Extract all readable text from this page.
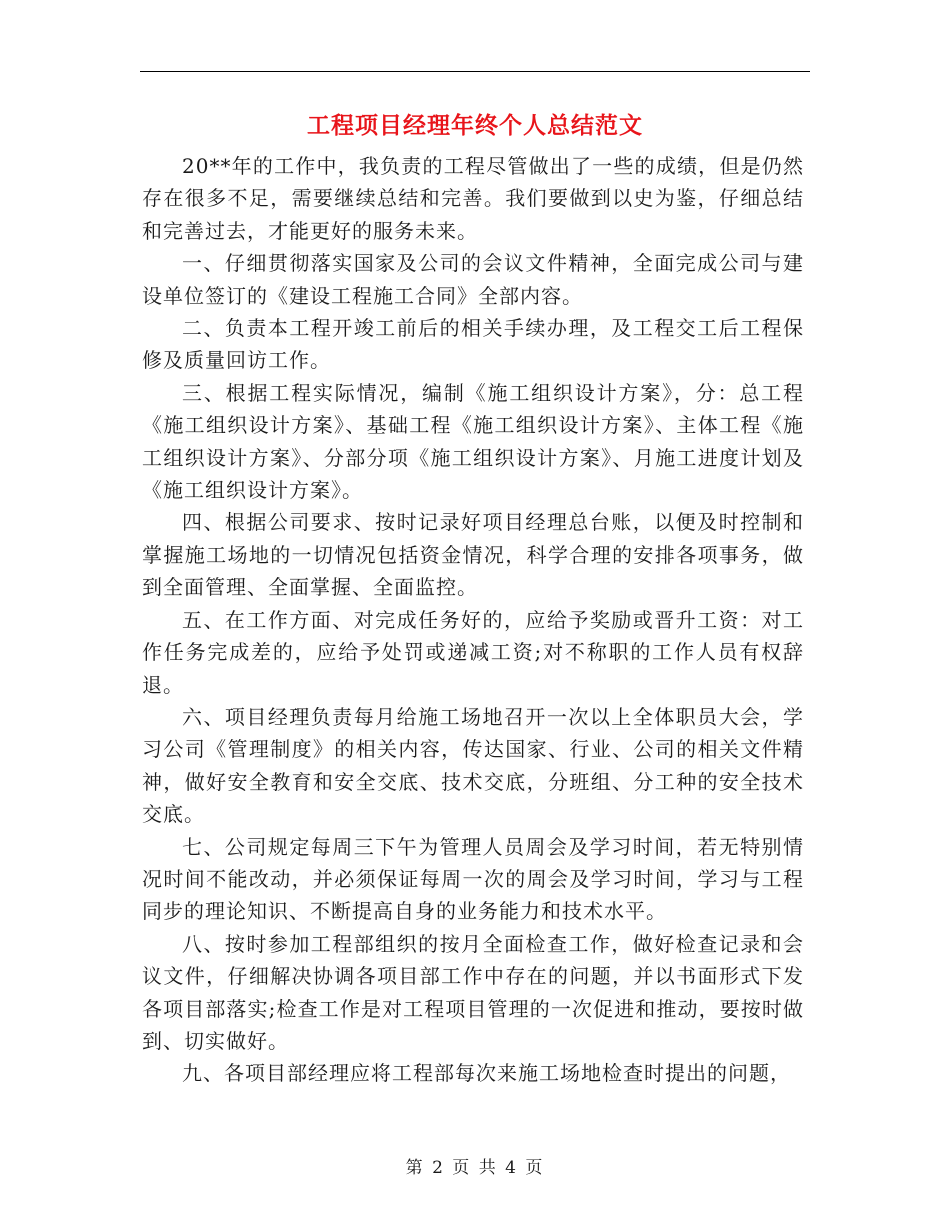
工程项目经理年终个人总结范文

20**年的工作中，我负责的工程尽管做出了一些的成绩，但是仍然存在很多不足，需要继续总结和完善。我们要做到以史为鉴，仔细总结和完善过去，才能更好的服务未来。

一、仔细贯彻落实国家及公司的会议文件精神，全面完成公司与建设单位签订的《建设工程施工合同》全部内容。

二、负责本工程开竣工前后的相关手续办理，及工程交工后工程保修及质量回访工作。

三、根据工程实际情况，编制《施工组织设计方案》，分：总工程《施工组织设计方案》、基础工程《施工组织设计方案》、主体工程《施工组织设计方案》、分部分项《施工组织设计方案》、月施工进度计划及《施工组织设计方案》。

四、根据公司要求、按时记录好项目经理总台账，以便及时控制和掌握施工场地的一切情况包括资金情况，科学合理的安排各项事务，做到全面管理、全面掌握、全面监控。

五、在工作方面、对完成任务好的，应给予奖励或晋升工资：对工作任务完成差的，应给予处罚或递减工资;对不称职的工作人员有权辞退。

六、项目经理负责每月给施工场地召开一次以上全体职员大会，学习公司《管理制度》的相关内容，传达国家、行业、公司的相关文件精神，做好安全教育和安全交底、技术交底，分班组、分工种的安全技术交底。

七、公司规定每周三下午为管理人员周会及学习时间，若无特别情况时间不能改动，并必须保证每周一次的周会及学习时间，学习与工程同步的理论知识、不断提高自身的业务能力和技术水平。

八、按时参加工程部组织的按月全面检查工作，做好检查记录和会议文件，仔细解决协调各项目部工作中存在的问题，并以书面形式下发各项目部落实;检查工作是对工程项目管理的一次促进和推动，要按时做到、切实做好。

九、各项目部经理应将工程部每次来施工场地检查时提出的问题，

第 2 页 共 4 页
